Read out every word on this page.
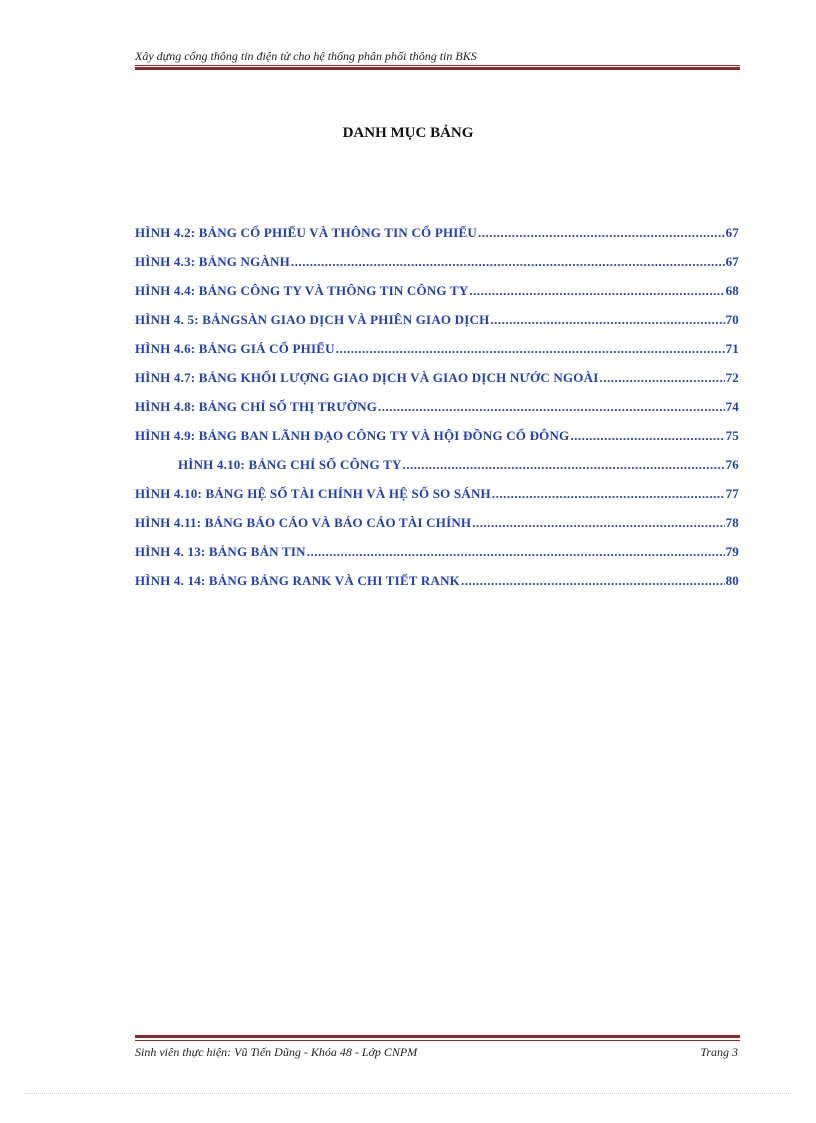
Xây dựng cổng thông tin điện tử cho hệ thống phân phối thông tin BKS
DANH MỤC BẢNG
HÌNH 4.2: BẢNG CỔ PHIẾU VÀ THÔNG TIN CỔ PHIẾU .....	67
HÌNH 4.3: BẢNG NGÀNH .....	67
HÌNH 4.4: BẢNG CÔNG TY VÀ THÔNG TIN CÔNG TY .....	68
HÌNH 4. 5: BẢNGSÀN GIAO DỊCH VÀ PHIÊN GIAO DỊCH .....	70
HÌNH 4.6: BẢNG GIÁ CỔ PHIẾU .....	71
HÌNH 4.7: BẢNG KHỐI LƯỢNG GIAO DỊCH VÀ GIAO DỊCH NƯỚC NGOÀI .....	72
HÌNH 4.8: BẢNG CHỈ SỐ THỊ TRƯỜNG .....	74
HÌNH 4.9: BẢNG BAN LÃNH ĐẠO CÔNG TY VÀ HỘI ĐỒNG CỔ ĐÔNG .....	75
HÌNH 4.10: BẢNG CHỈ SỐ CÔNG TY .....	76
HÌNH 4.10: BẢNG HỆ SỐ TÀI CHÍNH VÀ HỆ SỐ SO SÁNH .....	77
HÌNH 4.11: BẢNG BÁO CÁO VÀ BÁO CÁO TÀI CHÍNH .....	78
HÌNH 4. 13: BẢNG BẢN TIN .....	79
HÌNH 4. 14: BẢNG BẢNG RANK VÀ CHI TIẾT RANK .....	80
Sinh viên thực hiện: Vũ Tiến Dũng - Khóa 48 - Lớp CNPM	Trang 3
